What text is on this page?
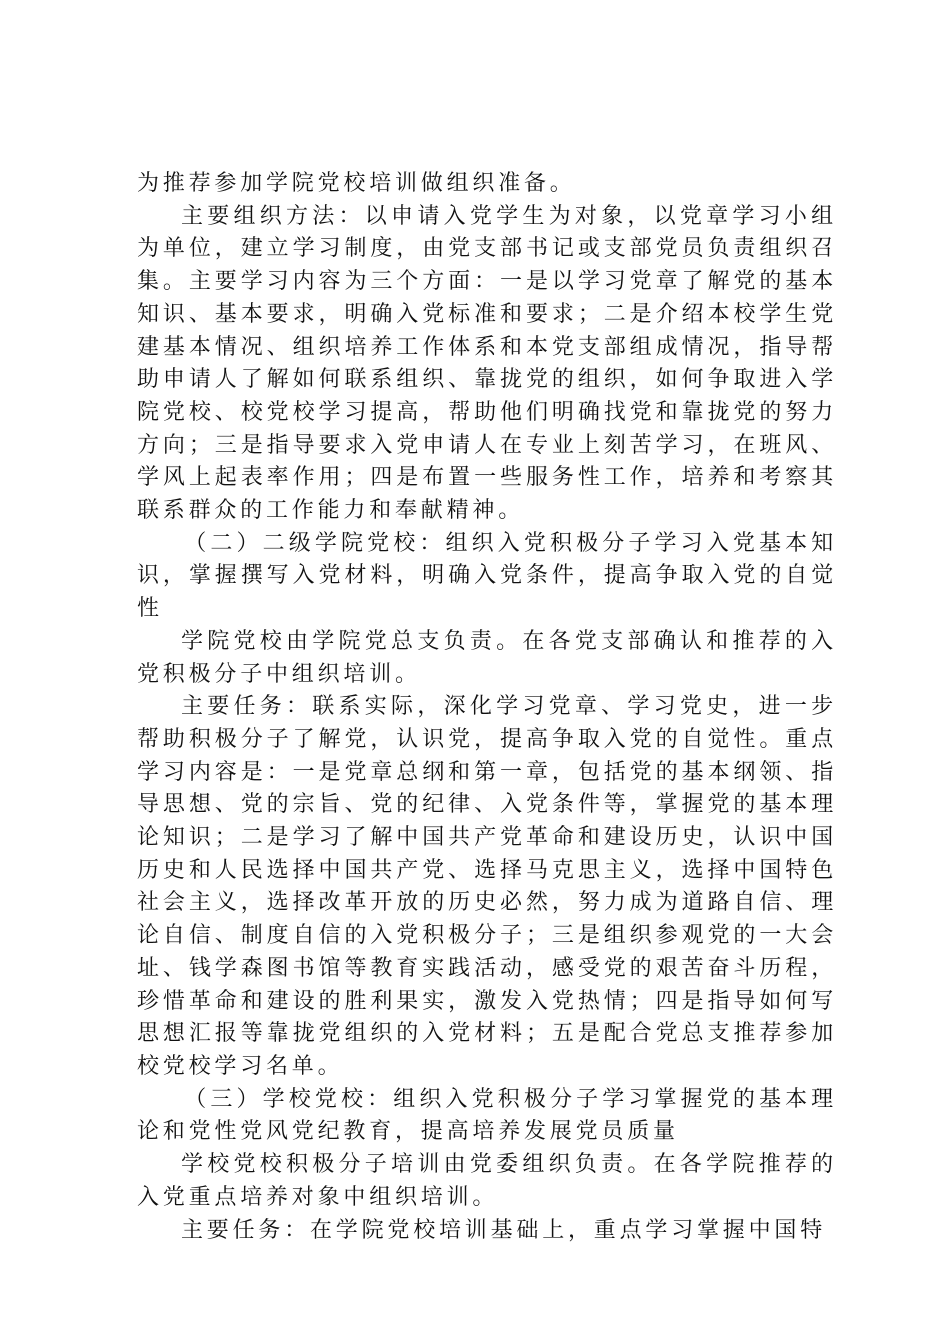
为推荐参加学院党校培训做组织准备。

主要组织方法：以申请入党学生为对象，以党章学习小组为单位，建立学习制度，由党支部书记或支部党员负责组织召集。主要学习内容为三个方面：一是以学习党章了解党的基本知识、基本要求，明确入党标准和要求；二是介绍本校学生党建基本情况、组织培养工作体系和本党支部组成情况，指导帮助申请人了解如何联系组织、靠拢党的组织，如何争取进入学院党校、校党校学习提高，帮助他们明确找党和靠拢党的努力方向；三是指导要求入党申请人在专业上刻苦学习，在班风、学风上起表率作用；四是布置一些服务性工作，培养和考察其联系群众的工作能力和奉献精神。

（二）二级学院党校：组织入党积极分子学习入党基本知识，掌握撰写入党材料，明确入党条件，提高争取入党的自觉性

学院党校由学院党总支负责。在各党支部确认和推荐的入党积极分子中组织培训。

主要任务：联系实际，深化学习党章、学习党史，进一步帮助积极分子了解党，认识党，提高争取入党的自觉性。重点学习内容是：一是党章总纲和第一章，包括党的基本纲领、指导思想、党的宗旨、党的纪律、入党条件等，掌握党的基本理论知识；二是学习了解中国共产党革命和建设历史，认识中国历史和人民选择中国共产党、选择马克思主义，选择中国特色社会主义，选择改革开放的历史必然，努力成为道路自信、理论自信、制度自信的入党积极分子；三是组织参观党的一大会址、钱学森图书馆等教育实践活动，感受党的艰苦奋斗历程，珍惜革命和建设的胜利果实，激发入党热情；四是指导如何写思想汇报等靠拢党组织的入党材料；五是配合党总支推荐参加校党校学习名单。

（三）学校党校：组织入党积极分子学习掌握党的基本理论和党性党风党纪教育，提高培养发展党员质量

学校党校积极分子培训由党委组织负责。在各学院推荐的入党重点培养对象中组织培训。

主要任务：在学院党校培训基础上，重点学习掌握中国特
